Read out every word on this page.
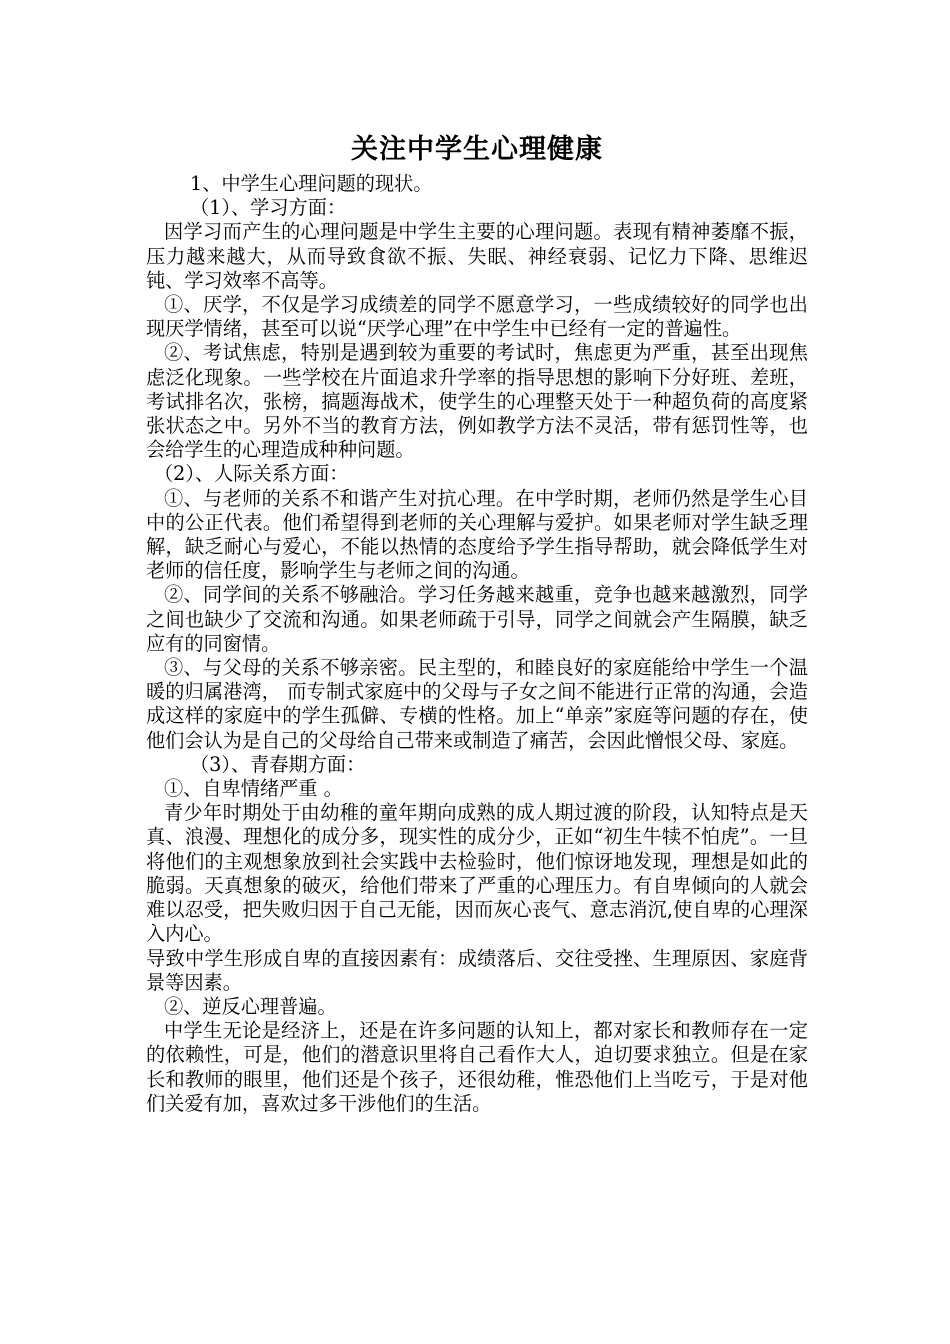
关注中学生心理健康

1、中学生心理问题的现状。

（1）、学习方面：

因学习而产生的心理问题是中学生主要的心理问题。表现有精神萎靡不振，压力越来越大，从而导致食欲不振、失眠、神经衰弱、记忆力下降、思维迟钝、学习效率不高等。

①、厌学，不仅是学习成绩差的同学不愿意学习，一些成绩较好的同学也出现厌学情绪，甚至可以说“厌学心理”在中学生中已经有一定的普遍性。

②、考试焦虑，特别是遇到较为重要的考试时，焦虑更为严重，甚至出现焦虑泛化现象。一些学校在片面追求升学率的指导思想的影响下分好班、差班，考试排名次，张榜，搞题海战术，使学生的心理整天处于一种超负荷的高度紧张状态之中。另外不当的教育方法，例如教学方法不灵活，带有惩罚性等，也会给学生的心理造成种种问题。

（2）、人际关系方面：

①、与老师的关系不和谐产生对抗心理。在中学时期，老师仍然是学生心目中的公正代表。他们希望得到老师的关心理解与爱护。如果老师对学生缺乏理解，缺乏耐心与爱心，不能以热情的态度给予学生指导帮助，就会降低学生对老师的信任度，影响学生与老师之间的沟通。

②、同学间的关系不够融洽。学习任务越来越重，竞争也越来越激烈，同学之间也缺少了交流和沟通。如果老师疏于引导，同学之间就会产生隔膜，缺乏应有的同窗情。

③、与父母的关系不够亲密。民主型的，和睦良好的家庭能给中学生一个温暖的归属港湾， 而专制式家庭中的父母与子女之间不能进行正常的沟通，会造成这样的家庭中的学生孤僻、专横的性格。加上“单亲”家庭等问题的存在，使他们会认为是自己的父母给自己带来或制造了痛苦，会因此憎恨父母、家庭。

（3）、青春期方面：

①、自卑情绪严重 。

青少年时期处于由幼稚的童年期向成熟的成人期过渡的阶段，认知特点是天真、浪漫、理想化的成分多，现实性的成分少，正如“初生牛犊不怕虎”。一旦将他们的主观想象放到社会实践中去检验时，他们惊讶地发现，理想是如此的脆弱。天真想象的破灭，给他们带来了严重的心理压力。有自卑倾向的人就会难以忍受，把失败归因于自己无能，因而灰心丧气、意志消沉,使自卑的心理深入内心。

导致中学生形成自卑的直接因素有：成绩落后、交往受挫、生理原因、家庭背景等因素。

②、逆反心理普遍。

中学生无论是经济上，还是在许多问题的认知上，都对家长和教师存在一定的依赖性，可是，他们的潜意识里将自己看作大人，迫切要求独立。但是在家长和教师的眼里，他们还是个孩子，还很幼稚，惟恐他们上当吃亏，于是对他们关爱有加，喜欢过多干涉他们的生活。
